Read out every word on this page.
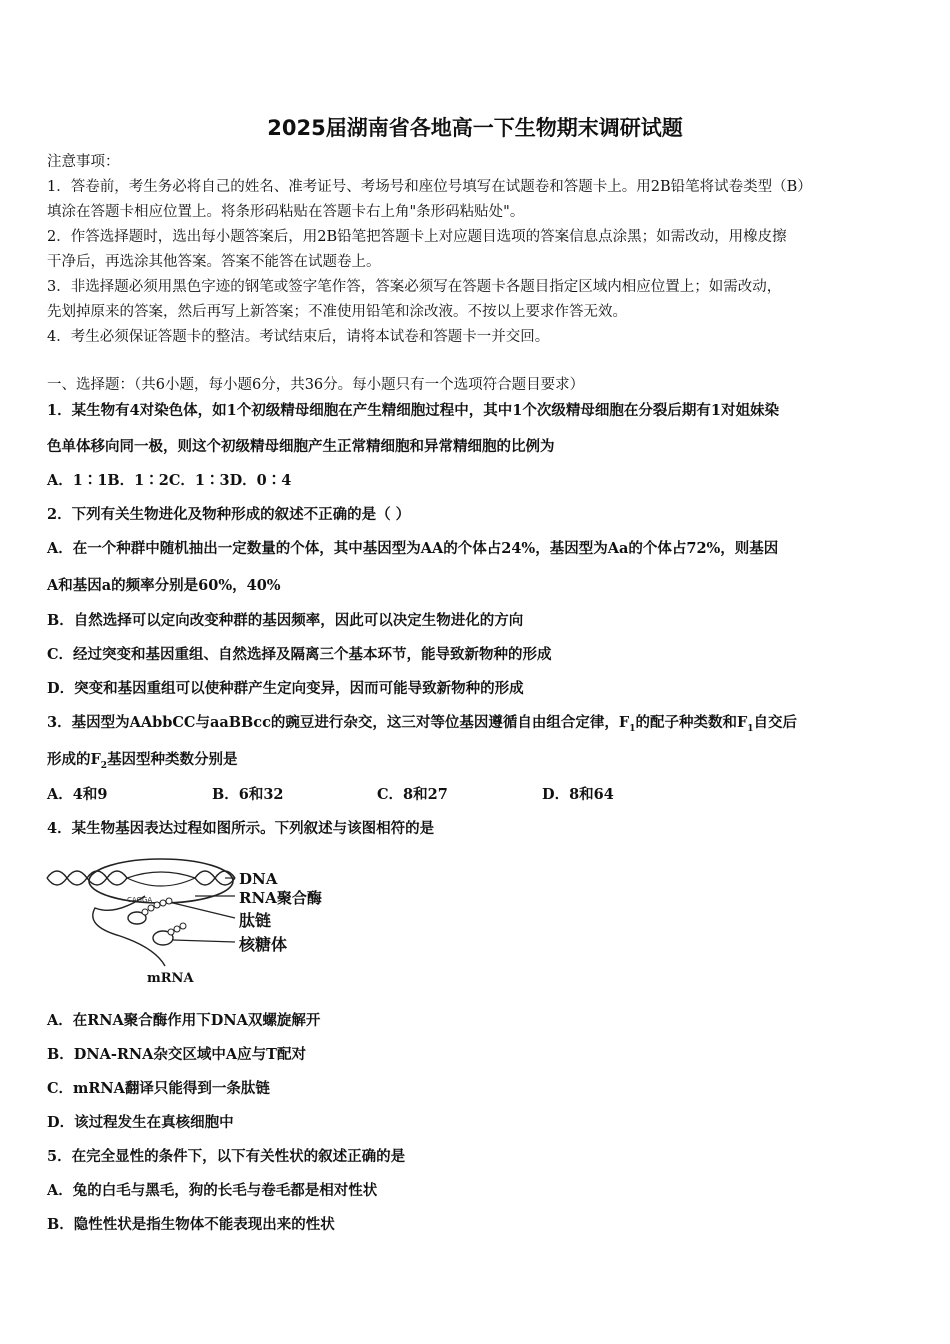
2025届湖南省各地高一下生物期末调研试题
注意事项：
1．答卷前，考生务必将自己的姓名、准考证号、考场号和座位号填写在试题卷和答题卡上。用2B铅笔将试卷类型（B）
填涂在答题卡相应位置上。将条形码粘贴在答题卡右上角"条形码粘贴处"。
2．作答选择题时，选出每小题答案后，用2B铅笔把答题卡上对应题目选项的答案信息点涂黑；如需改动，用橡皮擦
干净后，再选涂其他答案。答案不能答在试题卷上。
3．非选择题必须用黑色字迹的钢笔或签字笔作答，答案必须写在答题卡各题目指定区域内相应位置上；如需改动，
先划掉原来的答案，然后再写上新答案；不准使用铅笔和涂改液。不按以上要求作答无效。
4．考生必须保证答题卡的整洁。考试结束后，请将本试卷和答题卡一并交回。
一、选择题：（共6小题，每小题6分，共36分。每小题只有一个选项符合题目要求）
1．某生物有4对染色体，如1个初级精母细胞在产生精细胞过程中，其中1个次级精母细胞在分裂后期有1对姐妹染
色单体移向同一极，则这个初级精母细胞产生正常精细胞和异常精细胞的比例为
A．1∶1B．1∶2C．1∶3D．0∶4
2．下列有关生物进化及物种形成的叙述不正确的是（ ）
A．在一个种群中随机抽出一定数量的个体，其中基因型为AA的个体占24%，基因型为Aa的个体占72%，则基因
A和基因a的频率分别是60%，40%
B．自然选择可以定向改变种群的基因频率，因此可以决定生物进化的方向
C．经过突变和基因重组、自然选择及隔离三个基本环节，能导致新物种的形成
D．突变和基因重组可以使种群产生定向变异，因而可能导致新物种的形成
3．基因型为AAbbCC与aaBBcc的豌豆进行杂交，这三对等位基因遵循自由组合定律，$F_1$的配子种类数和$F_1$自交后
形成的$F_2$基因型种类数分别是
A．4和9	B．6和32	C．8和27	D．8和64
4．某生物基因表达过程如图所示。下列叙述与该图相符的是
CAGGA
DNA
RNA聚合酶
肽链
核糖体
mRNA
A．在RNA聚合酶作用下DNA双螺旋解开
B．DNA-RNA杂交区域中A应与T配对
C．mRNA翻译只能得到一条肽链
D．该过程发生在真核细胞中
5．在完全显性的条件下，以下有关性状的叙述正确的是
A．兔的白毛与黑毛，狗的长毛与卷毛都是相对性状
B．隐性性状是指生物体不能表现出来的性状
